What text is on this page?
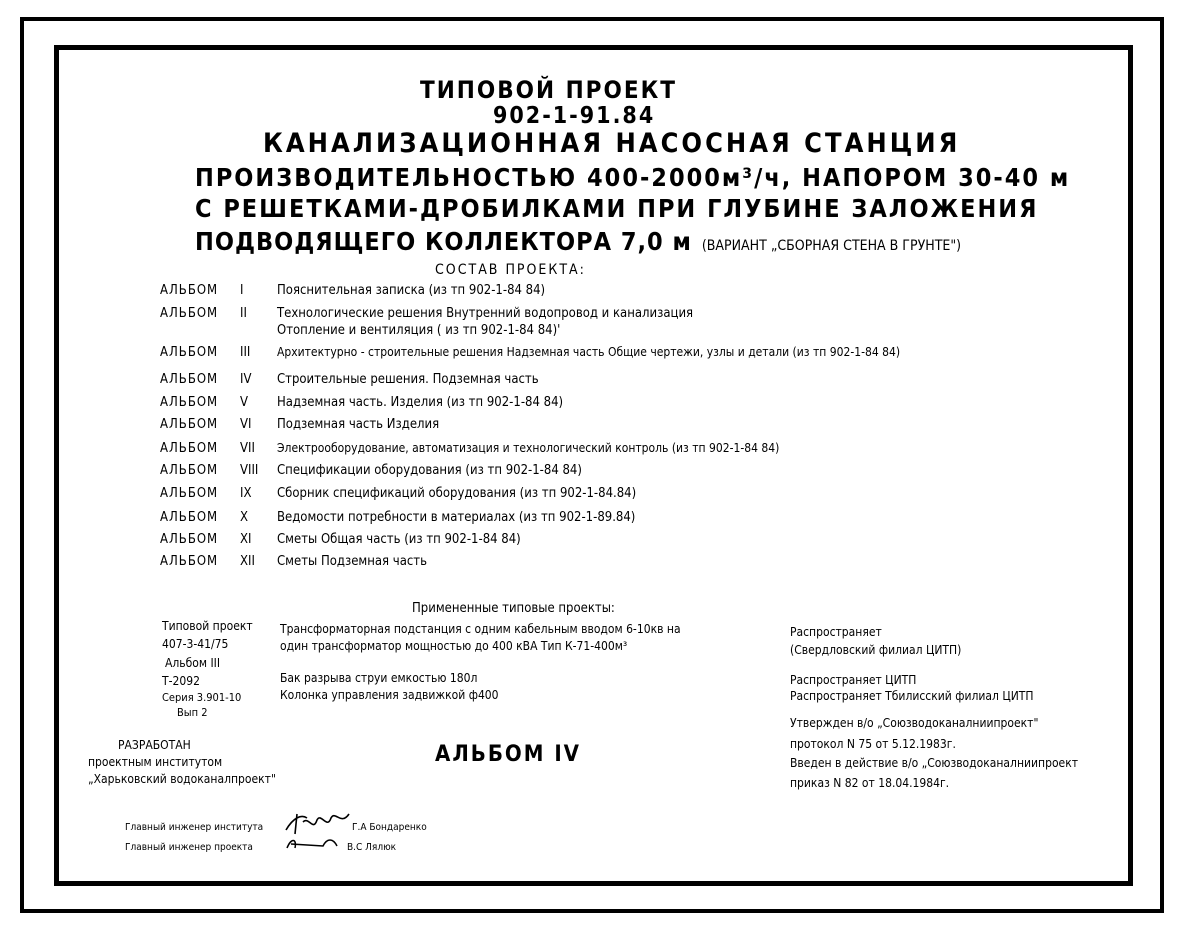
ТИПОВОЙ ПРОЕКТ
902-1-91.84
КАНАЛИЗАЦИОННАЯ НАСОСНАЯ СТАНЦИЯ
ПРОИЗВОДИТЕЛЬНОСТЬЮ 400-2000м³/ч, НАПОРОМ 30-40 м
С РЕШЕТКАМИ-ДРОБИЛКАМИ ПРИ ГЛУБИНЕ ЗАЛОЖЕНИЯ
ПОДВОДЯЩЕГО КОЛЛЕКТОРА 7,0 м (ВАРИАНТ „СБОРНАЯ СТЕНА В ГРУНТЕ")
СОСТАВ ПРОЕКТА:
АЛЬБОМ	I	Пояснительная записка (из тп 902-1-84 84)
АЛЬБОМ	II	Технологические решения Внутренний водопровод и канализация
Отопление и вентиляция ( из тп 902-1-84 84)'
АЛЬБОМ	III	Архитектурно - строительные решения Надземная часть Общие чертежи, узлы и детали (из тп 902-1-84 84)
АЛЬБОМ	IV	Строительные решения. Подземная часть
АЛЬБОМ	V	Надземная часть. Изделия (из тп 902-1-84 84)
АЛЬБОМ	VI	Подземная часть Изделия
АЛЬБОМ	VII	Электрооборудование, автоматизация и технологический контроль (из тп 902-1-84 84)
АЛЬБОМ	VIII	Спецификации оборудования (из тп 902-1-84 84)
АЛЬБОМ	IX	Сборник спецификаций оборудования (из тп 902-1-84.84)
АЛЬБОМ	X	Ведомости потребности в материалах (из тп 902-1-89.84)
АЛЬБОМ	XI	Сметы Общая часть (из тп 902-1-84 84)
АЛЬБОМ	XII	Сметы Подземная часть
Примененные типовые проекты:
Типовой проект
407-3-41/75
Альбом III
Т-2092
Серия 3.901-10
Вып 2
Трансформаторная подстанция с одним кабельным вводом 6-10кв на
один трансформатор мощностью до 400 кВА Тип К-71-400м³
Бак разрыва струи емкостью 180л
Колонка управления задвижкой ф400
Распространяет
(Свердловский филиал ЦИТП)
Распространяет ЦИТП
Распространяет Тбилисский филиал ЦИТП
Утвержден в/о „Союзводоканалниипроект"
протокол N 75 от 5.12.1983г.
Введен в действие в/о „Союзводоканалниипроект
приказ N 82 от 18.04.1984г.
РАЗРАБОТАН
проектным институтом
„Харьковский водоканалпроект"
АЛЬБОМ IV
Главный инженер института	Г.А Бондаренко
Главный инженер проекта	В.С Лялюк
